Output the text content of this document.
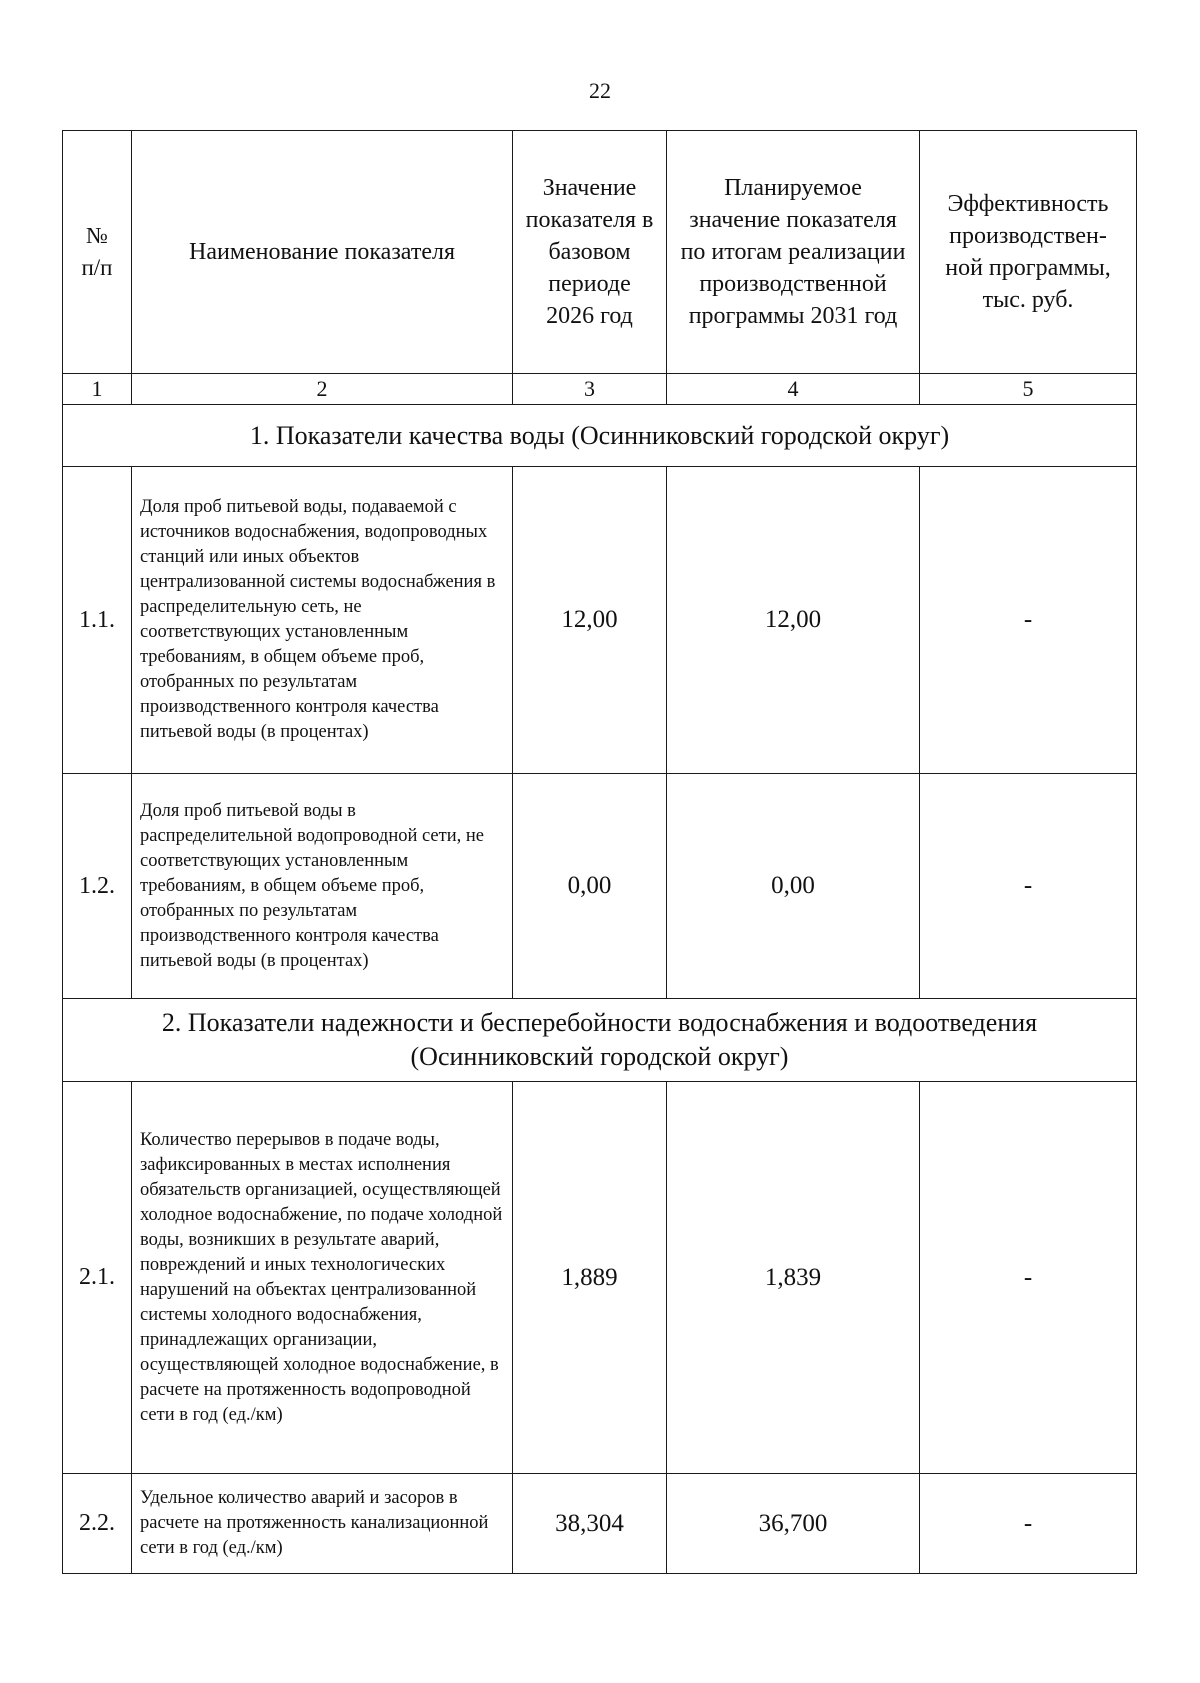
22
№ п/п	Наименование показателя	Значение показателя в базовом периоде 2026 год	Планируемое значение показателя по итогам реализации производственной программы 2031 год	Эффективность производствен-ной программы, тыс. руб.
1	2	3	4	5
1. Показатели качества воды (Осинниковский городской округ)				
1.1.	Доля проб питьевой воды, подаваемой с источников водоснабжения, водопроводных станций или иных объектов централизованной системы водоснабжения в распределительную сеть, не соответствующих установленным требованиям, в общем объеме проб, отобранных по результатам производственного контроля качества питьевой воды (в процентах)	12,00	12,00	-
1.2.	Доля проб питьевой воды в распределительной водопроводной сети, не соответствующих установленным требованиям, в общем объеме проб, отобранных по результатам производственного контроля качества питьевой воды (в процентах)	0,00	0,00	-
2. Показатели надежности и бесперебойности водоснабжения и водоотведения (Осинниковский городской округ)				
2.1.	Количество перерывов в подаче воды, зафиксированных в местах исполнения обязательств организацией, осуществляющей холодное водоснабжение, по подаче холодной воды, возникших в результате аварий, повреждений и иных технологических нарушений на объектах централизованной системы холодного водоснабжения, принадлежащих организации, осуществляющей холодное водоснабжение, в расчете на протяженность водопроводной сети в год (ед./км)	1,889	1,839	-
2.2.	Удельное количество аварий и засоров в расчете на протяженность канализационной сети в год (ед./км)	38,304	36,700	-
